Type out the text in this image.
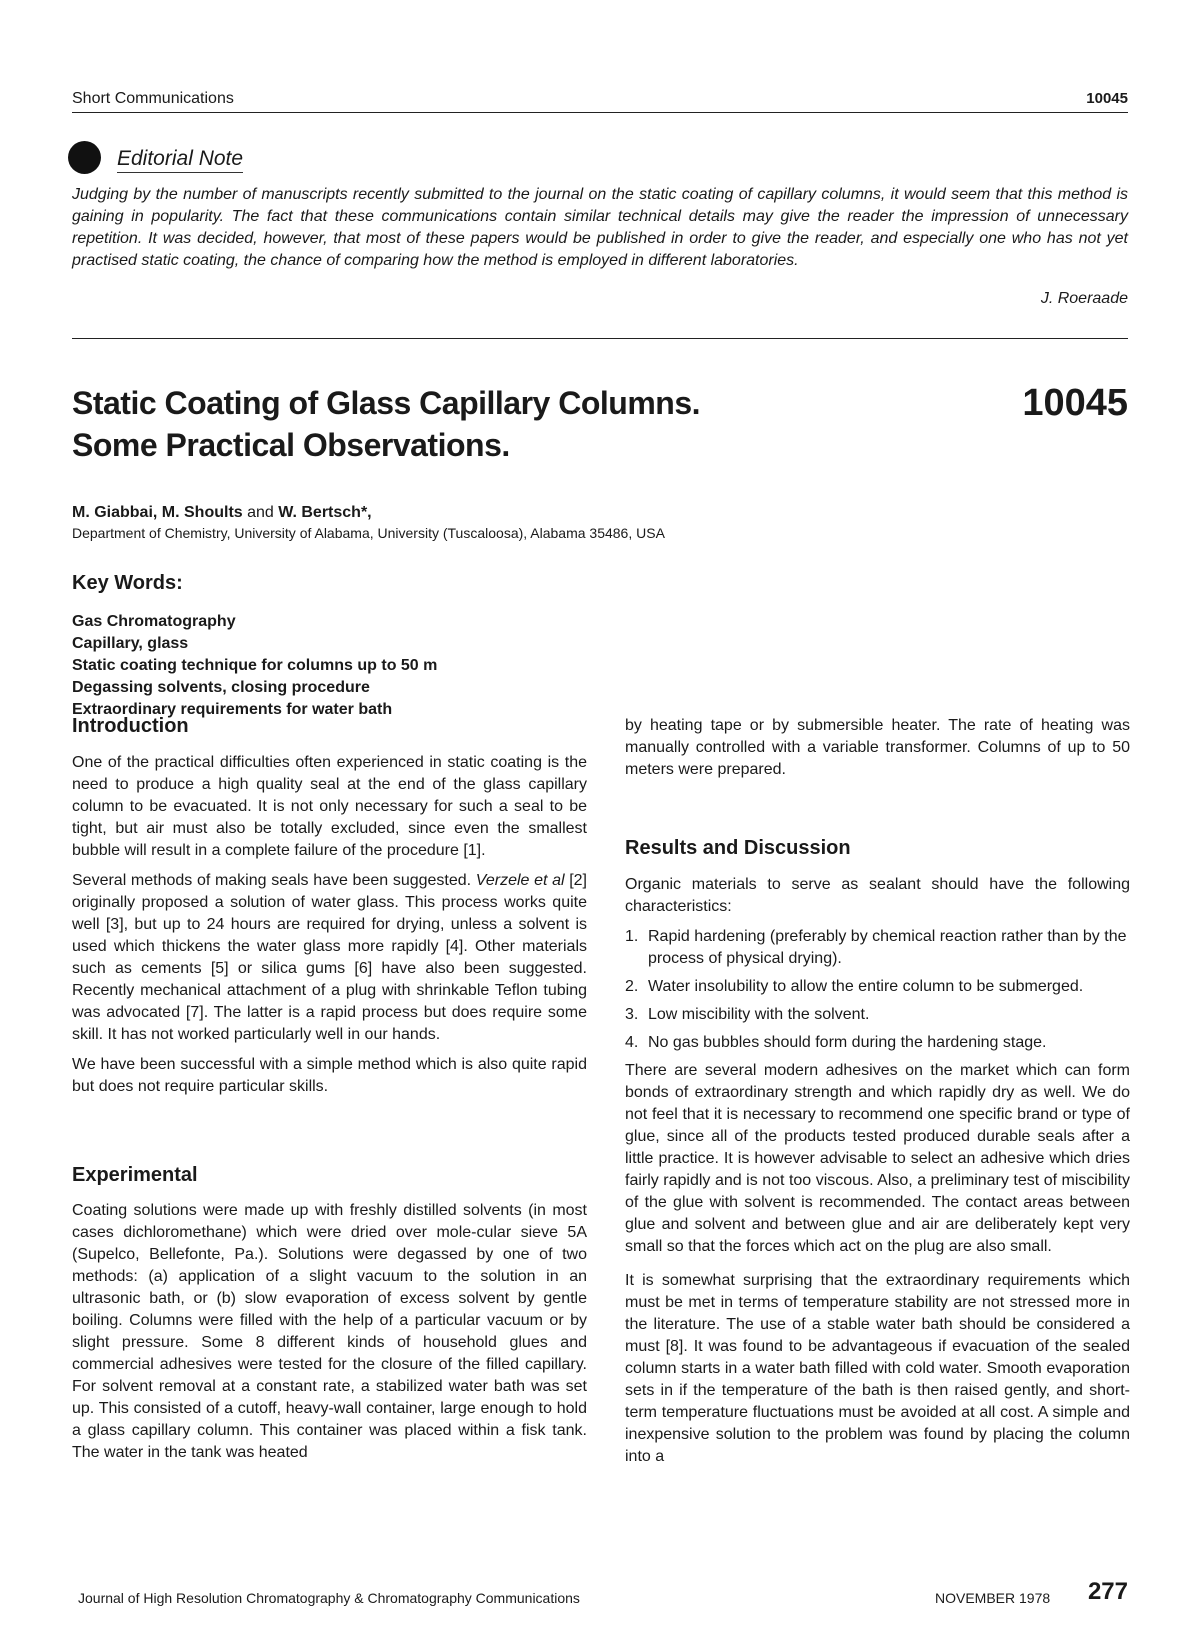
Short Communications	10045
Editorial Note
Judging by the number of manuscripts recently submitted to the journal on the static coating of capillary columns, it would seem that this method is gaining in popularity. The fact that these communications contain similar technical details may give the reader the impression of unnecessary repetition. It was decided, however, that most of these papers would be published in order to give the reader, and especially one who has not yet practised static coating, the chance of comparing how the method is employed in different laboratories.
J. Roeraade
Static Coating of Glass Capillary Columns.
Some Practical Observations.
10045
M. Giabbai, M. Shoults and W. Bertsch*,
Department of Chemistry, University of Alabama, University (Tuscaloosa), Alabama 35486, USA
Key Words:
Gas Chromatography
Capillary, glass
Static coating technique for columns up to 50 m
Degassing solvents, closing procedure
Extraordinary requirements for water bath
Introduction

One of the practical difficulties often experienced in static coating is the need to produce a high quality seal at the end of the glass capillary column to be evacuated. It is not only necessary for such a seal to be tight, but air must also be totally excluded, since even the smallest bubble will result in a complete failure of the procedure [1].

Several methods of making seals have been suggested. Verzele et al [2] originally proposed a solution of water glass. This process works quite well [3], but up to 24 hours are required for drying, unless a solvent is used which thickens the water glass more rapidly [4]. Other materials such as cements [5] or silica gums [6] have also been suggested. Recently mechanical attachment of a plug with shrinkable Teflon tubing was advocated [7]. The latter is a rapid process but does require some skill. It has not worked particularly well in our hands.

We have been successful with a simple method which is also quite rapid but does not require particular skills.

Experimental

Coating solutions were made up with freshly distilled solvents (in most cases dichloromethane) which were dried over mole-cular sieve 5A (Supelco, Bellefonte, Pa.). Solutions were degassed by one of two methods: (a) application of a slight vacuum to the solution in an ultrasonic bath, or (b) slow evaporation of excess solvent by gentle boiling. Columns were filled with the help of a particular vacuum or by slight pressure. Some 8 different kinds of household glues and commercial adhesives were tested for the closure of the filled capillary. For solvent removal at a constant rate, a stabilized water bath was set up. This consisted of a cutoff, heavy-wall container, large enough to hold a glass capillary column. This container was placed within a fisk tank. The water in the tank was heated

by heating tape or by submersible heater. The rate of heating was manually controlled with a variable transformer. Columns of up to 50 meters were prepared.

Results and Discussion

Organic materials to serve as sealant should have the following characteristics:

1. Rapid hardening (preferably by chemical reaction rather than by the process of physical drying).
2. Water insolubility to allow the entire column to be submerged.
3. Low miscibility with the solvent.
4. No gas bubbles should form during the hardening stage.

There are several modern adhesives on the market which can form bonds of extraordinary strength and which rapidly dry as well. We do not feel that it is necessary to recommend one specific brand or type of glue, since all of the products tested produced durable seals after a little practice. It is however advisable to select an adhesive which dries fairly rapidly and is not too viscous. Also, a preliminary test of miscibility of the glue with solvent is recommended. The contact areas between glue and solvent and between glue and air are deliberately kept very small so that the forces which act on the plug are also small.

It is somewhat surprising that the extraordinary requirements which must be met in terms of temperature stability are not stressed more in the literature. The use of a stable water bath should be considered a must [8]. It was found to be advantageous if evacuation of the sealed column starts in a water bath filled with cold water. Smooth evaporation sets in if the temperature of the bath is then raised gently, and short-term temperature fluctuations must be avoided at all cost. A simple and inexpensive solution to the problem was found by placing the column into a

Journal of High Resolution Chromatography & Chromatography Communications	NOVEMBER 1978 277
